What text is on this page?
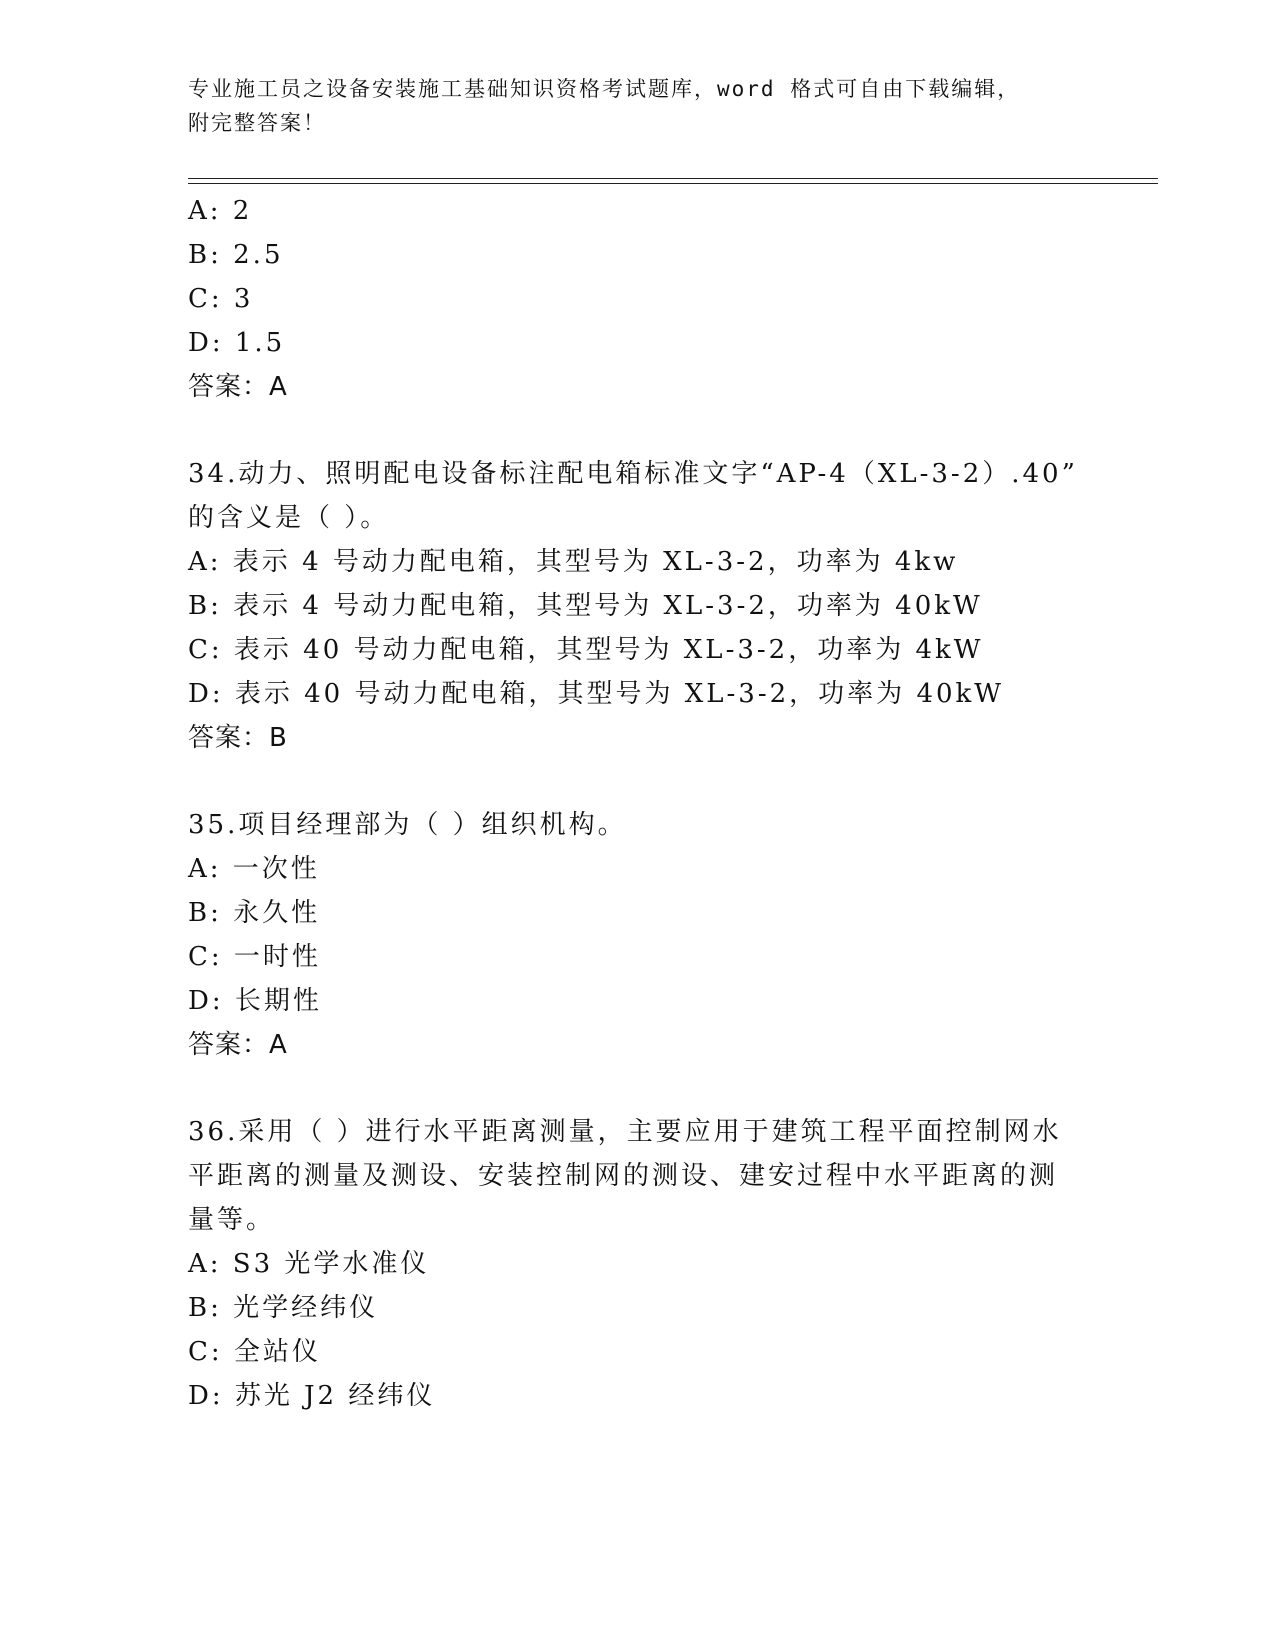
专业施工员之设备安装施工基础知识资格考试题库，word 格式可自由下载编辑，
附完整答案！
A: 2
B: 2.5
C: 3
D: 1.5
答案：A
34.动力、照明配电设备标注配电箱标准文字“AP-4（XL-3-2）.40”
的含义是（ ）。
A: 表示 4 号动力配电箱，其型号为 XL-3-2，功率为 4kw
B: 表示 4 号动力配电箱，其型号为 XL-3-2，功率为 40kW
C: 表示 40 号动力配电箱，其型号为 XL-3-2，功率为 4kW
D: 表示 40 号动力配电箱，其型号为 XL-3-2，功率为 40kW
答案：B
35.项目经理部为（ ）组织机构。
A: 一次性
B: 永久性
C: 一时性
D: 长期性
答案：A
36.采用（ ）进行水平距离测量，主要应用于建筑工程平面控制网水
平距离的测量及测设、安装控制网的测设、建安过程中水平距离的测
量等。
A: S3 光学水准仪
B: 光学经纬仪
C: 全站仪
D: 苏光 J2 经纬仪
